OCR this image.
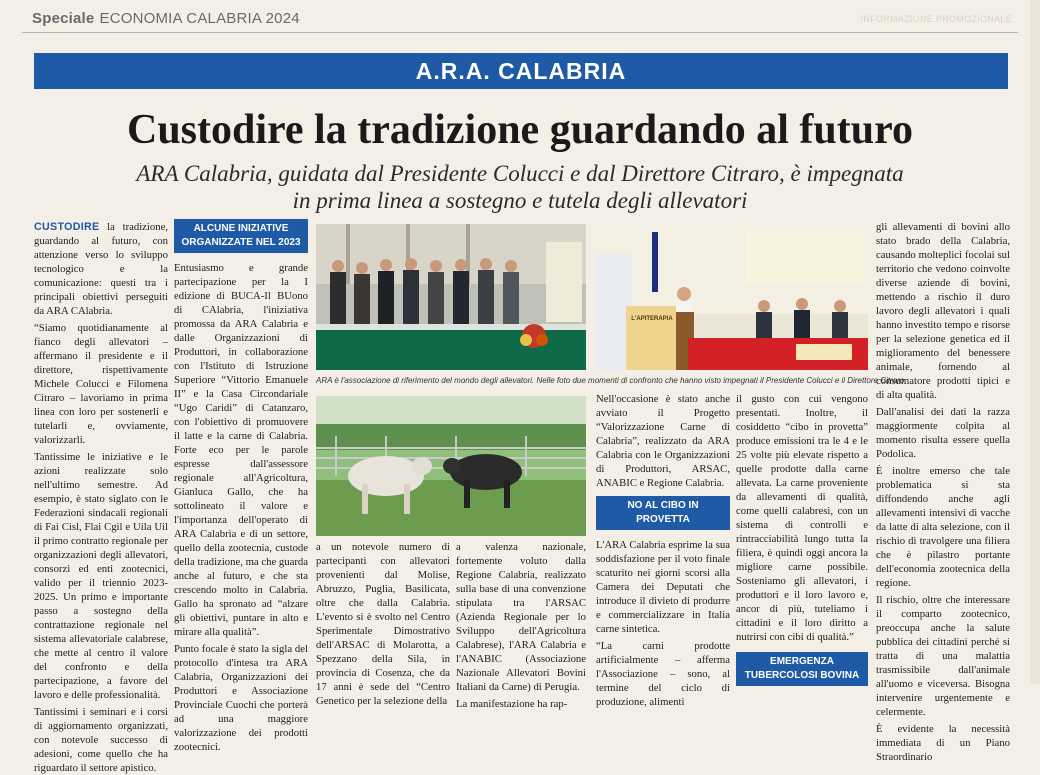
Speciale ECONOMIA CALABRIA 2024	INFORMAZIONE PROMOZIONALE
A.R.A. CALABRIA
Custodire la tradizione guardando al futuro
ARA Calabria, guidata dal Presidente Colucci e dal Direttore Citraro, è impegnata
in prima linea a sostegno e tutela degli allevatori

CUSTODIRE la tradizione, guardando al futuro, con attenzione verso lo sviluppo tecnologico e la comunicazione: questi tra i principali obiettivi perseguiti da ARA CAlabria.

“Siamo quotidianamente al fianco degli allevatori – affermano il presidente e il direttore, rispettivamente Michele Colucci e Filomena Citraro – lavoriamo in prima linea con loro per sostenerli e tutelarli e, ovviamente, valorizzarli.

Tantissime le iniziative e le azioni realizzate solo nell'ultimo semestre. Ad esempio, è stato siglato con le Federazioni sindacali regionali di Fai Cisl, Flai Cgil e Uila Uil il primo contratto regionale per organizzazioni degli allevatori, consorzi ed enti zootecnici, valido per il triennio 2023-2025. Un primo e importante passo a sostegno della contrattazione regionale nel sistema allevatoriale calabrese, che mette al centro il valore del confronto e della partecipazione, a favore del lavoro e delle professionalità.

Tantissimi i seminari e i corsi di aggiornamento organizzati, con notevole successo di adesioni, come quello che ha riguardato il settore apistico.

ALCUNE INIZIATIVE ORGANIZZATE NEL 2023

Entusiasmo e grande partecipazione per la I edizione di BUCA-Il BUono di CAlabria, l'iniziativa promossa da ARA Calabria e dalle Organizzazioni di Produttori, in collaborazione con l'Istituto di Istruzione Superiore “Vittorio Emanuele II” e la Casa Circondariale “Ugo Caridi” di Catanzaro, con l'obiettivo di promuovere il latte e la carne di Calabria. Forte eco per le parole espresse dall'assessore regionale all'Agricoltura, Gianluca Gallo, che ha sottolineato il valore e l'importanza dell'operato di ARA Calabria e di un settore, quello della zootecnia, custode della tradizione, ma che guarda anche al futuro, e che sta crescendo molto in Calabria. Gallo ha spronato ad “alzare gli obiettivi, puntare in alto e mirare alla qualità”.

Punto focale è stato la sigla del protocollo d'intesa tra ARA Calabria, Organizzazioni dei Produttori e Associazione Provinciale Cuochi che porterà ad una maggiore valorizzazione dei prodotti zootecnici.

L'APITERAPIA
ARA è l'associazione di riferimento del mondo degli allevatori. Nelle foto due momenti di confronto che hanno visto impegnati il Presidente Colucci e il Direttore Citraro

a un notevole numero di partecipanti con allevatori provenienti dal Molise, Abruzzo, Puglia, Basilicata, oltre che dalla Calabria. L'evento si è svolto nel Centro Sperimentale Dimostrativo dell'ARSAC di Molarotta, a Spezzano della Sila, in provincia di Cosenza, che da 17 anni è sede del “Centro Genetico per la selezione della

a valenza nazionale, fortemente voluto dalla Regione Calabria, realizzato sulla base di una convenzione stipulata tra l'ARSAC (Azienda Regionale per lo Sviluppo dell'Agricoltura Calabrese), l'ARA Calabria e l'ANABIC (Associazione Nazionale Allevatori Bovini Italiani da Carne) di Perugia.

La manifestazione ha rap-

Nell'occasione è stato anche avviato il Progetto “Valorizzazione Carne di Calabria”, realizzato da ARA Calabria con le Organizzazioni di Produttori, ARSAC, ANABIC e Regione Calabria.

NO AL CIBO IN PROVETTA

L'ARA Calabria esprime la sua soddisfazione per il voto finale scaturito nei giorni scorsi alla Camera dei Deputati che introduce il divieto di produrre e commercializzare in Italia carne sintetica.

“La carni prodotte artificialmente – afferma l'Associazione – sono, al termine del ciclo di produzione, alimenti

il gusto con cui vengono presentati. Inoltre, il cosiddetto “cibo in provetta” produce emissioni tra le 4 e le 25 volte più elevate rispetto a quelle prodotte dalla carne allevata. La carne proveniente da allevamenti di qualità, come quelli calabresi, con un sistema di controlli e rintracciabilità lungo tutta la filiera, è quindi oggi ancora la migliore carne possibile. Sosteniamo gli allevatori, i produttori e il loro lavoro e, ancor di più, tuteliamo i cittadini e il loro diritto a nutrirsi con cibi di qualità.”

EMERGENZA TUBERCOLOSI BOVINA

gli allevamenti di bovini allo stato brado della Calabria, causando molteplici focolai sul territorio che vedono coinvolte diverse aziende di bovini, mettendo a rischio il duro lavoro degli allevatori i quali hanno investito tempo e risorse per la selezione genetica ed il miglioramento del benessere animale, fornendo al consumatore prodotti tipici e di alta qualità.

Dall'analisi dei dati la razza maggiormente colpita al momento risulta essere quella Podolica.

È inoltre emerso che tale problematica si sta diffondendo anche agli allevamenti intensivi di vacche da latte di alta selezione, con il rischio di travolgere una filiera che è pilastro portante dell'economia zootecnica della regione.

Il rischio, oltre che interessare il comparto zootecnico, preoccupa anche la salute pubblica dei cittadini perché si tratta di una malattia trasmissibile dall'animale all'uomo e viceversa. Bisogna intervenire urgentemente e celermente.

È evidente la necessità immediata di un Piano Straordinario
